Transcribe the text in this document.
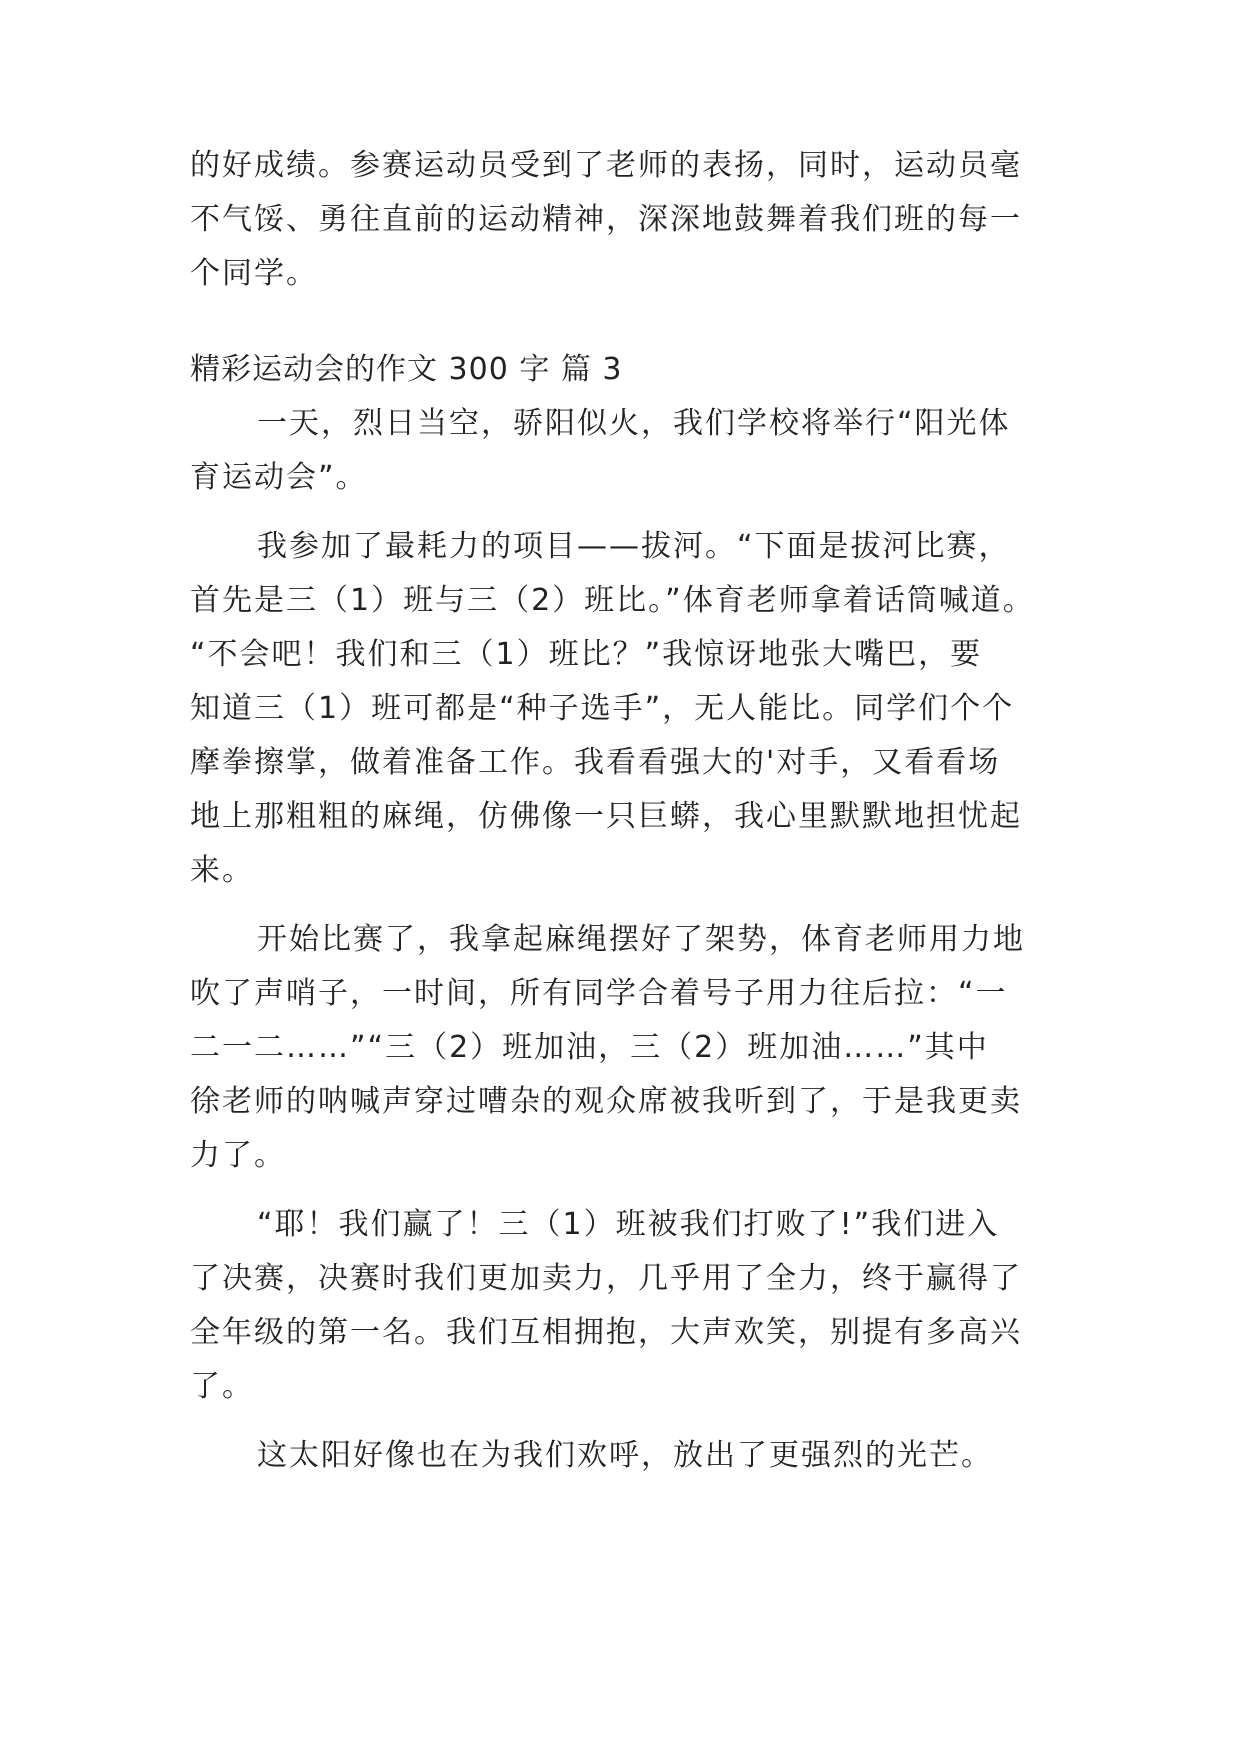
的好成绩。参赛运动员受到了老师的表扬，同时，运动员毫
不气馁、勇往直前的运动精神，深深地鼓舞着我们班的每一
个同学。
精彩运动会的作文 300 字 篇 3
一天，烈日当空，骄阳似火，我们学校将举行“阳光体
育运动会”。
我参加了最耗力的项目——拔河。“下面是拔河比赛，
首先是三（1）班与三（2）班比。”体育老师拿着话筒喊道。
“不会吧！我们和三（1）班比？”我惊讶地张大嘴巴，要
知道三（1）班可都是“种子选手”，无人能比。同学们个个
摩拳擦掌，做着准备工作。我看看强大的'对手，又看看场
地上那粗粗的麻绳，仿佛像一只巨蟒，我心里默默地担忧起
来。
开始比赛了，我拿起麻绳摆好了架势，体育老师用力地
吹了声哨子，一时间，所有同学合着号子用力往后拉：“一
二一二……”“三（2）班加油，三（2）班加油……”其中
徐老师的呐喊声穿过嘈杂的观众席被我听到了，于是我更卖
力了。
“耶！我们赢了！三（1）班被我们打败了!”我们进入
了决赛，决赛时我们更加卖力，几乎用了全力，终于赢得了
全年级的第一名。我们互相拥抱，大声欢笑，别提有多高兴
了。
这太阳好像也在为我们欢呼，放出了更强烈的光芒。
